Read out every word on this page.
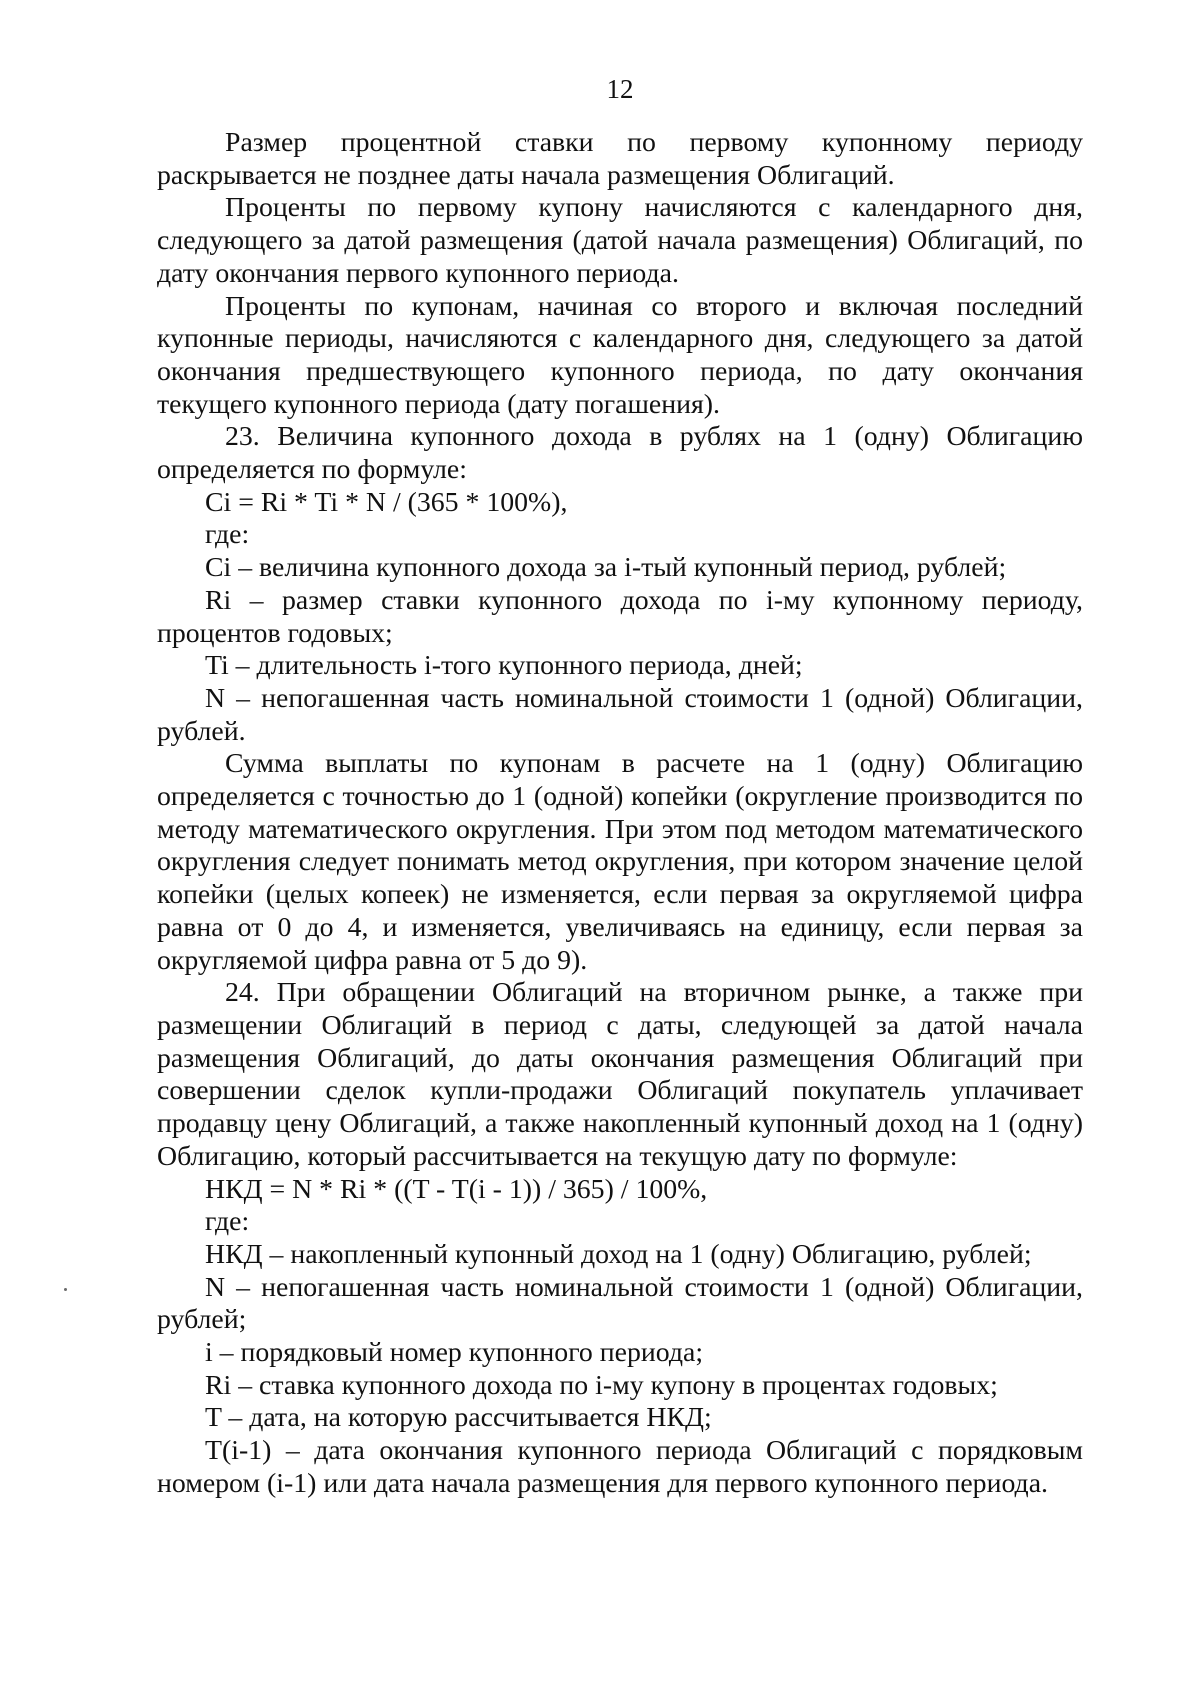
12

Размер процентной ставки по первому купонному периоду раскрывается не позднее даты начала размещения Облигаций.

Проценты по первому купону начисляются с календарного дня, следующего за датой размещения (датой начала размещения) Облигаций, по дату окончания первого купонного периода.

Проценты по купонам, начиная со второго и включая последний купонные периоды, начисляются с календарного дня, следующего за датой окончания предшествующего купонного периода, по дату окончания текущего купонного периода (дату погашения).

23. Величина купонного дохода в рублях на 1 (одну) Облигацию определяется по формуле:

Ci = Ri * Ti * N / (365 * 100%),

где:

Ci – величина купонного дохода за i-тый купонный период, рублей;

Ri – размер ставки купонного дохода по i-му купонному периоду, процентов годовых;

Ti – длительность i-того купонного периода, дней;

N – непогашенная часть номинальной стоимости 1 (одной) Облигации, рублей.

Сумма выплаты по купонам в расчете на 1 (одну) Облигацию определяется с точностью до 1 (одной) копейки (округление производится по методу математического округления. При этом под методом математического округления следует понимать метод округления, при котором значение целой копейки (целых копеек) не изменяется, если первая за округляемой цифра равна от 0 до 4, и изменяется, увеличиваясь на единицу, если первая за округляемой цифра равна от 5 до 9).

24. При обращении Облигаций на вторичном рынке, а также при размещении Облигаций в период с даты, следующей за датой начала размещения Облигаций, до даты окончания размещения Облигаций при совершении сделок купли-продажи Облигаций покупатель уплачивает продавцу цену Облигаций, а также накопленный купонный доход на 1 (одну) Облигацию, который рассчитывается на текущую дату по формуле:

НКД = N * Ri * ((T - T(i - 1)) / 365) / 100%,

где:

НКД – накопленный купонный доход на 1 (одну) Облигацию, рублей;

N – непогашенная часть номинальной стоимости 1 (одной) Облигации, рублей;

i – порядковый номер купонного периода;

Ri – ставка купонного дохода по i-му купону в процентах годовых;

T – дата, на которую рассчитывается НКД;

T(i-1) – дата окончания купонного периода Облигаций с порядковым номером (i-1) или дата начала размещения для первого купонного периода.
